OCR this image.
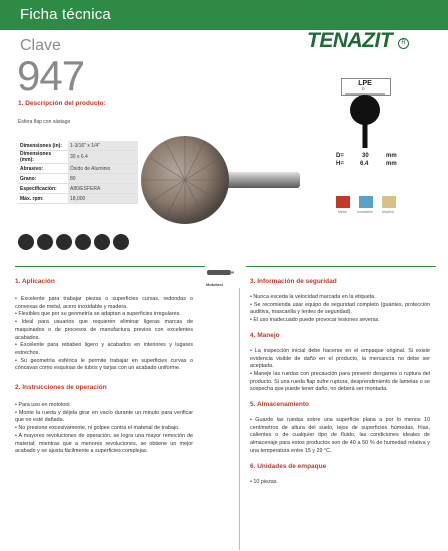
Ficha técnica
TENAZIT	R
Clave
947
1. Descripción del producto:
Esfera flap con vástago
Dimensiones (in):	1-3/16" x 1/4"
Dimensiones (mm):	30 x 6.4
Abrasivo:	Óxido de Aluminio
Grano:	80
Especificación:	A80/ESFERA
Máx. rpm:	18,000
LPE
D
D=	30	mm
H=	6.4	mm
Metal	Inoxidable	Madera
Mototool
1. Aplicación
• Excelente para trabajar piezas o superficies curvas, redondas o convexas de metal, acero inoxidable y madera.
• Flexibles que por su geometría se adaptan a superficies irregulares.
• Ideal para usuarios que requieren eliminar ligeras marcas de maquinados o de procesos de manufactura previos con excelentes acabados.
• Excelente para rebabeo ligero y acabados en interiores y lugares estrechos.
• Su geometría esférica le permite trabajar en superficies curvas o cóncavas como esquinas de tubos y tarjas con un acabado uniforme.
2. Instrucciones de operación
• Para uso en mototool.
• Monte la rueda y déjela girar en vacío durante un minuto para verificar que no esté dañada.
• No presione excesivamente, ni golpee contra el material de trabajo.
• A mayores revoluciones de operación, se logra una mayor remoción de material; mientras que a menores revoluciones, se obtiene un mejor acabado y se ajusta fácilmente a superficies complejas.
3. Información de seguridad
• Nunca exceda la velocidad marcada en la etiqueta.
• Se recomienda usar equipo de seguridad completo (guantes, protección auditiva, mascarilla y lentes de seguridad).
• El uso inadecuado puede provocar lesiones severas.
4. Manejo
• La inspección inicial debe hacerse en el empaque original. Si existe evidencia visible de daño en el producto, la mercancía no debe ser aceptada.
• Maneje las ruedas con precaución para prevenir desgarres o ruptura del producto. Si una rueda flap sufre ruptura, desprendimiento de lamelas o se sospecha que puede tener daño, no deberá ser montada.
5. Almacenamiento
• Guarde las ruedas sobre una superficie plana a por lo menos 10 centímetros de altura del suelo, lejos de superficies húmedas, frías, calientes o de cualquier tipo de fluido, las condiciones ideales de almacenaje para estos productos son de 40 a 50 % de humedad relativa y una temperatura entre 15 y 29 °C.
6. Unidades de empaque
• 10 piezas.
